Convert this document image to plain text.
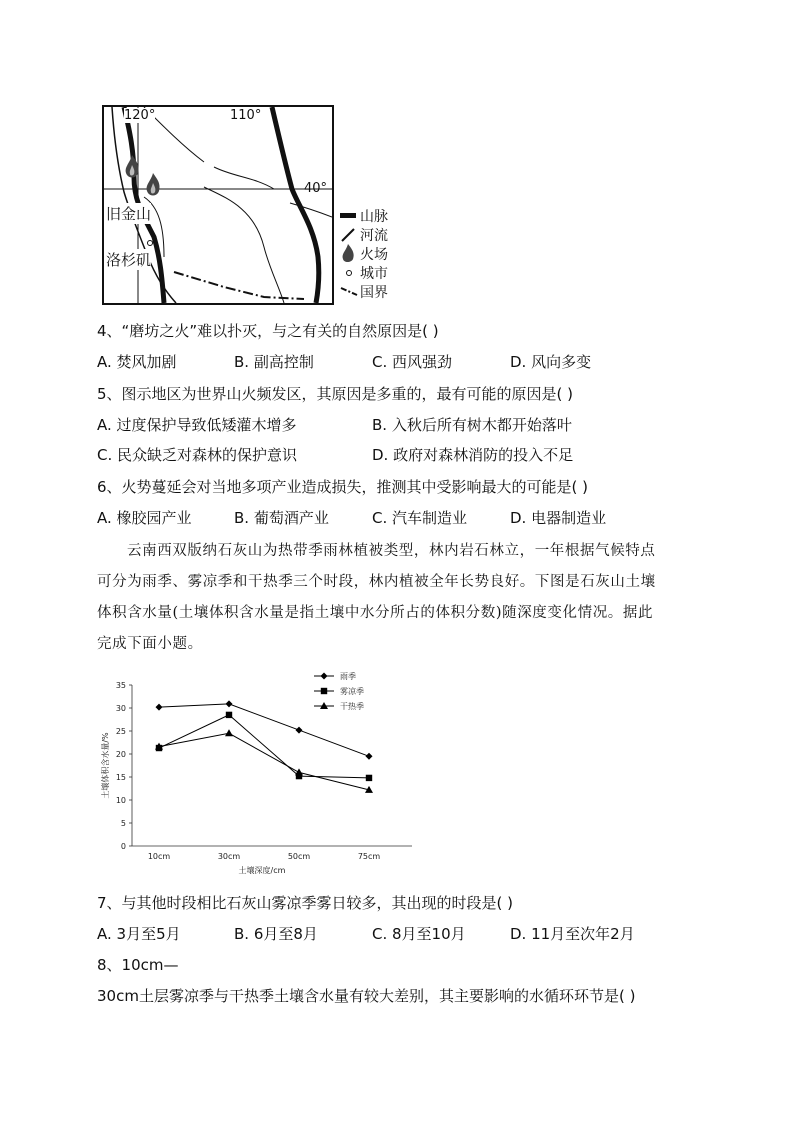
120°	110°
40°
旧金山
洛杉矶
山脉
河流
火场
城市
国界
4、“磨坊之火”难以扑灭，与之有关的自然原因是( )
A. 焚风加剧	B. 副高控制	C. 西风强劲	D. 风向多变
5、图示地区为世界山火频发区，其原因是多重的，最有可能的原因是( )
A. 过度保护导致低矮灌木增多	B. 入秋后所有树木都开始落叶
C. 民众缺乏对森林的保护意识	D. 政府对森林消防的投入不足
6、火势蔓延会对当地多项产业造成损失，推测其中受影响最大的可能是( )
A. 橡胶园产业	B. 葡萄酒产业	C. 汽车制造业	D. 电器制造业
云南西双版纳石灰山为热带季雨林植被类型，林内岩石林立，一年根据气候特点
可分为雨季、雾凉季和干热季三个时段，林内植被全年长势良好。下图是石灰山土壤
体积含水量(土壤体积含水量是指土壤中水分所占的体积分数)随深度变化情况。据此
完成下面小题。
0
5
10
15
20
25
30
35
10cm	30cm	50cm	75cm
土壤深度/cm
土壤体积含水量/%
雨季
雾凉季
干热季
7、与其他时段相比石灰山雾凉季雾日较多，其出现的时段是( )
A. 3月至5月	B. 6月至8月	C. 8月至10月	D. 11月至次年2月
8、10cm—
30cm土层雾凉季与干热季土壤含水量有较大差别，其主要影响的水循环环节是( )
